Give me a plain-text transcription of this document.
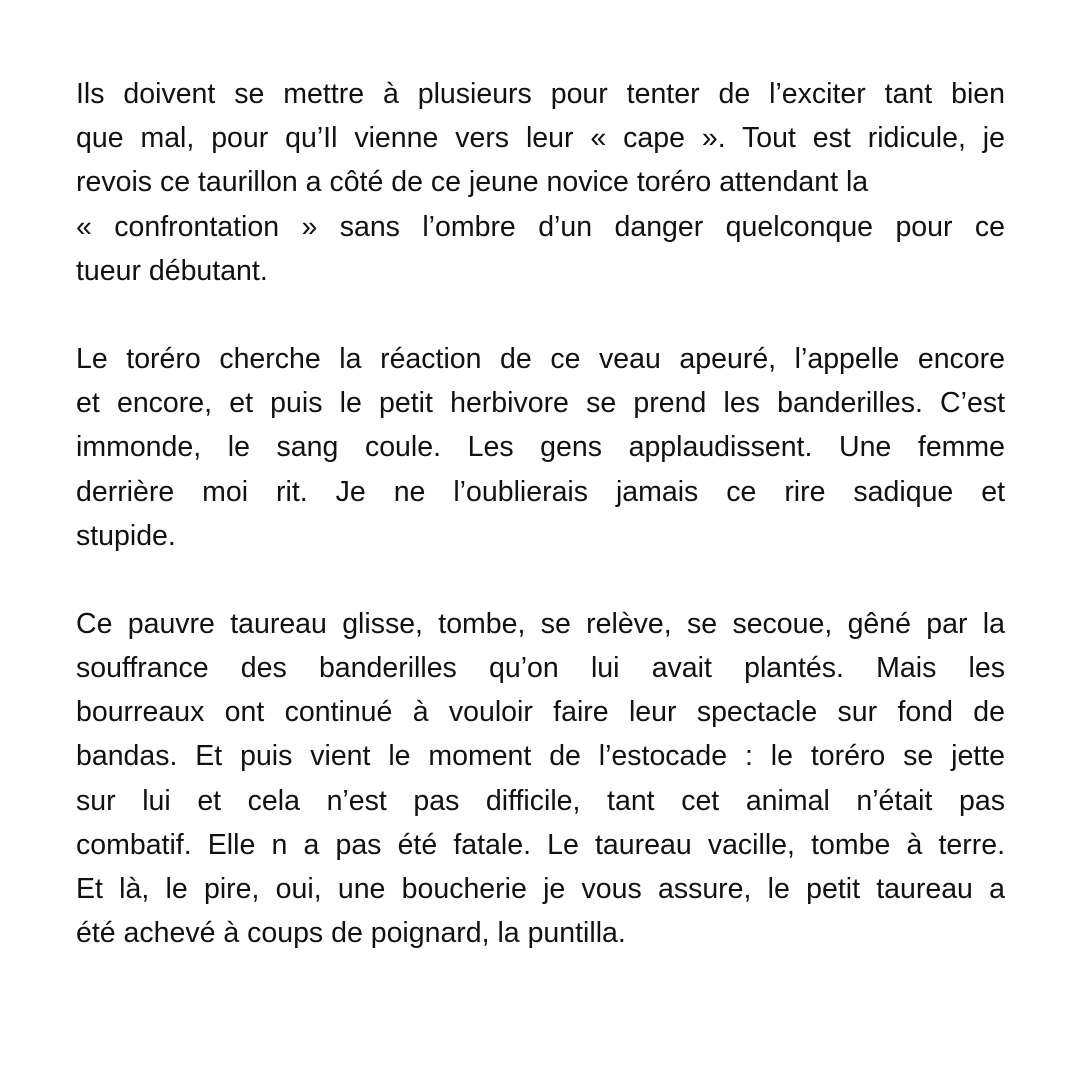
Ils doivent se mettre à plusieurs pour tenter de l’exciter tant bien
que mal, pour qu’Il vienne vers leur « cape ». Tout est ridicule, je
revois ce taurillon a côté de ce jeune novice toréro attendant la
« confrontation » sans l’ombre d’un danger quelconque pour ce
tueur débutant.

Le toréro cherche la réaction de ce veau apeuré, l’appelle encore
et encore, et puis le petit herbivore se prend les banderilles. C’est
immonde, le sang coule. Les gens applaudissent. Une femme
derrière moi rit. Je ne l’oublierais jamais ce rire sadique et
stupide.

Ce pauvre taureau glisse, tombe, se relève, se secoue, gêné par la
souffrance des banderilles qu’on lui avait plantés. Mais les
bourreaux ont continué à vouloir faire leur spectacle sur fond de
bandas. Et puis vient le moment de l’estocade : le toréro se jette
sur lui et cela n’est pas difficile, tant cet animal n’était pas
combatif. Elle n a pas été fatale. Le taureau vacille, tombe à terre.
Et là, le pire, oui, une boucherie je vous assure, le petit taureau a
été achevé à coups de poignard, la puntilla.
